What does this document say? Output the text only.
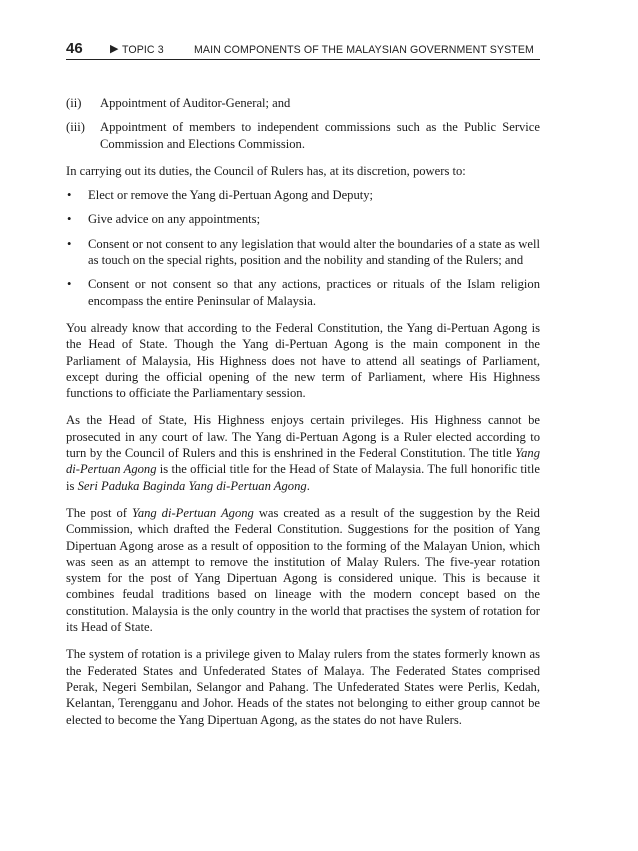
46 ▶ TOPIC 3	MAIN COMPONENTS OF THE MALAYSIAN GOVERNMENT SYSTEM
(ii) Appointment of Auditor-General; and
(iii) Appointment of members to independent commissions such as the Public Service Commission and Elections Commission.

In carrying out its duties, the Council of Rulers has, at its discretion, powers to:

• Elect or remove the Yang di-Pertuan Agong and Deputy;
• Give advice on any appointments;
• Consent or not consent to any legislation that would alter the boundaries of a state as well as touch on the special rights, position and the nobility and standing of the Rulers; and
• Consent or not consent so that any actions, practices or rituals of the Islam religion encompass the entire Peninsular of Malaysia.

You already know that according to the Federal Constitution, the Yang di-Pertuan Agong is the Head of State. Though the Yang di-Pertuan Agong is the main component in the Parliament of Malaysia, His Highness does not have to attend all seatings of Parliament, except during the official opening of the new term of Parliament, where His Highness functions to officiate the Parliamentary session.

As the Head of State, His Highness enjoys certain privileges. His Highness cannot be prosecuted in any court of law. The Yang di-Pertuan Agong is a Ruler elected according to turn by the Council of Rulers and this is enshrined in the Federal Constitution. The title Yang di-Pertuan Agong is the official title for the Head of State of Malaysia. The full honorific title is Seri Paduka Baginda Yang di-Pertuan Agong.

The post of Yang di-Pertuan Agong was created as a result of the suggestion by the Reid Commission, which drafted the Federal Constitution. Suggestions for the position of Yang Dipertuan Agong arose as a result of opposition to the forming of the Malayan Union, which was seen as an attempt to remove the institution of Malay Rulers. The five-year rotation system for the post of Yang Dipertuan Agong is considered unique. This is because it combines feudal traditions based on lineage with the modern concept based on the constitution. Malaysia is the only country in the world that practises the system of rotation for its Head of State.

The system of rotation is a privilege given to Malay rulers from the states formerly known as the Federated States and Unfederated States of Malaya. The Federated States comprised Perak, Negeri Sembilan, Selangor and Pahang. The Unfederated States were Perlis, Kedah, Kelantan, Terengganu and Johor. Heads of the states not belonging to either group cannot be elected to become the Yang Dipertuan Agong, as the states do not have Rulers.
